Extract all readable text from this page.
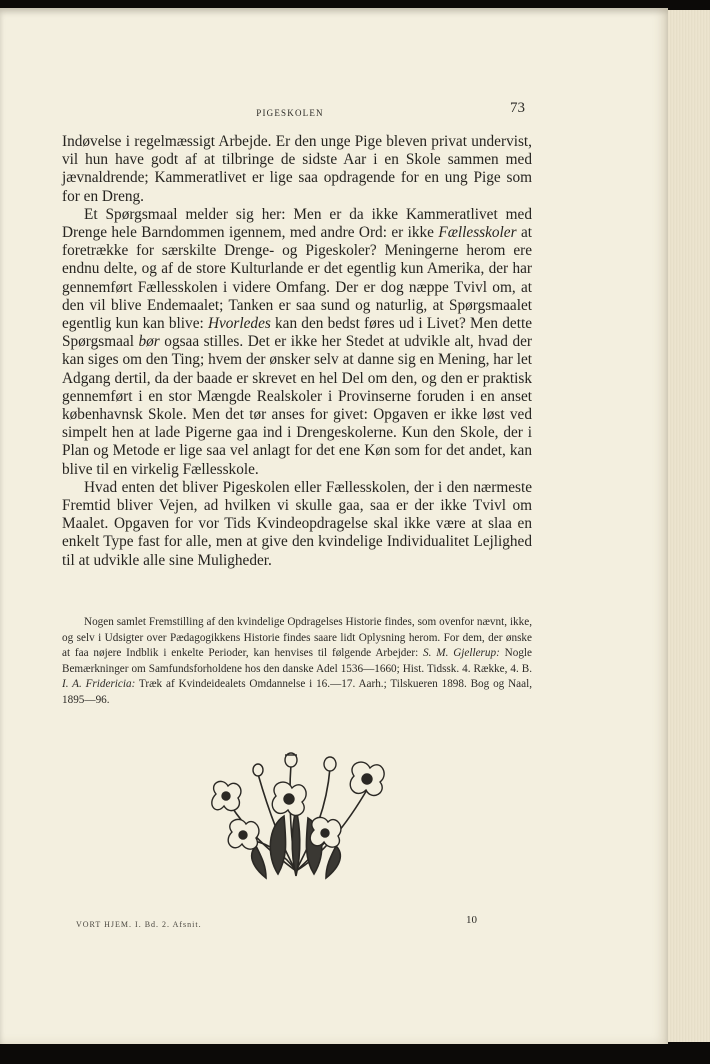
PIGESKOLEN	73

Indøvelse i regelmæssigt Arbejde. Er den unge Pige bleven privat undervist, vil hun have godt af at tilbringe de sidste Aar i en Skole sammen med jævnaldrende; Kammeratlivet er lige saa opdragende for en ung Pige som for en Dreng.

Et Spørgsmaal melder sig her: Men er da ikke Kammeratlivet med Drenge hele Barndommen igennem, med andre Ord: er ikke Fællesskoler at foretrække for særskilte Drenge- og Pigeskoler? Meningerne herom ere endnu delte, og af de store Kulturlande er det egentlig kun Amerika, der har gennemført Fællesskolen i videre Omfang. Der er dog næppe Tvivl om, at den vil blive Endemaalet; Tanken er saa sund og naturlig, at Spørgsmaalet egentlig kun kan blive: Hvorledes kan den bedst føres ud i Livet? Men dette Spørgsmaal bør ogsaa stilles. Det er ikke her Stedet at udvikle alt, hvad der kan siges om den Ting; hvem der ønsker selv at danne sig en Mening, har let Adgang dertil, da der baade er skrevet en hel Del om den, og den er praktisk gennemført i en stor Mængde Realskoler i Provinserne foruden i en anset københavnsk Skole. Men det tør anses for givet: Opgaven er ikke løst ved simpelt hen at lade Pigerne gaa ind i Drengeskolerne. Kun den Skole, der i Plan og Metode er lige saa vel anlagt for det ene Køn som for det andet, kan blive til en virkelig Fællesskole.

Hvad enten det bliver Pigeskolen eller Fællesskolen, der i den nærmeste Fremtid bliver Vejen, ad hvilken vi skulle gaa, saa er der ikke Tvivl om Maalet. Opgaven for vor Tids Kvindeopdragelse skal ikke være at slaa en enkelt Type fast for alle, men at give den kvindelige Individualitet Lejlighed til at udvikle alle sine Muligheder.

Nogen samlet Fremstilling af den kvindelige Opdragelses Historie findes, som ovenfor nævnt, ikke, og selv i Udsigter over Pædagogikkens Historie findes saare lidt Oplysning herom. For dem, der ønske at faa nøjere Indblik i enkelte Perioder, kan henvises til følgende Arbejder: S. M. Gjellerup: Nogle Bemærkninger om Samfundsforholdene hos den danske Adel 1536—1660; Hist. Tidssk. 4. Række, 4. B. I. A. Fridericia: Træk af Kvindeidealets Omdannelse i 16.—17. Aarh.; Tilskueren 1898. Bog og Naal, 1895—96.

VORT HJEM. I. Bd. 2. Afsnit.	10
